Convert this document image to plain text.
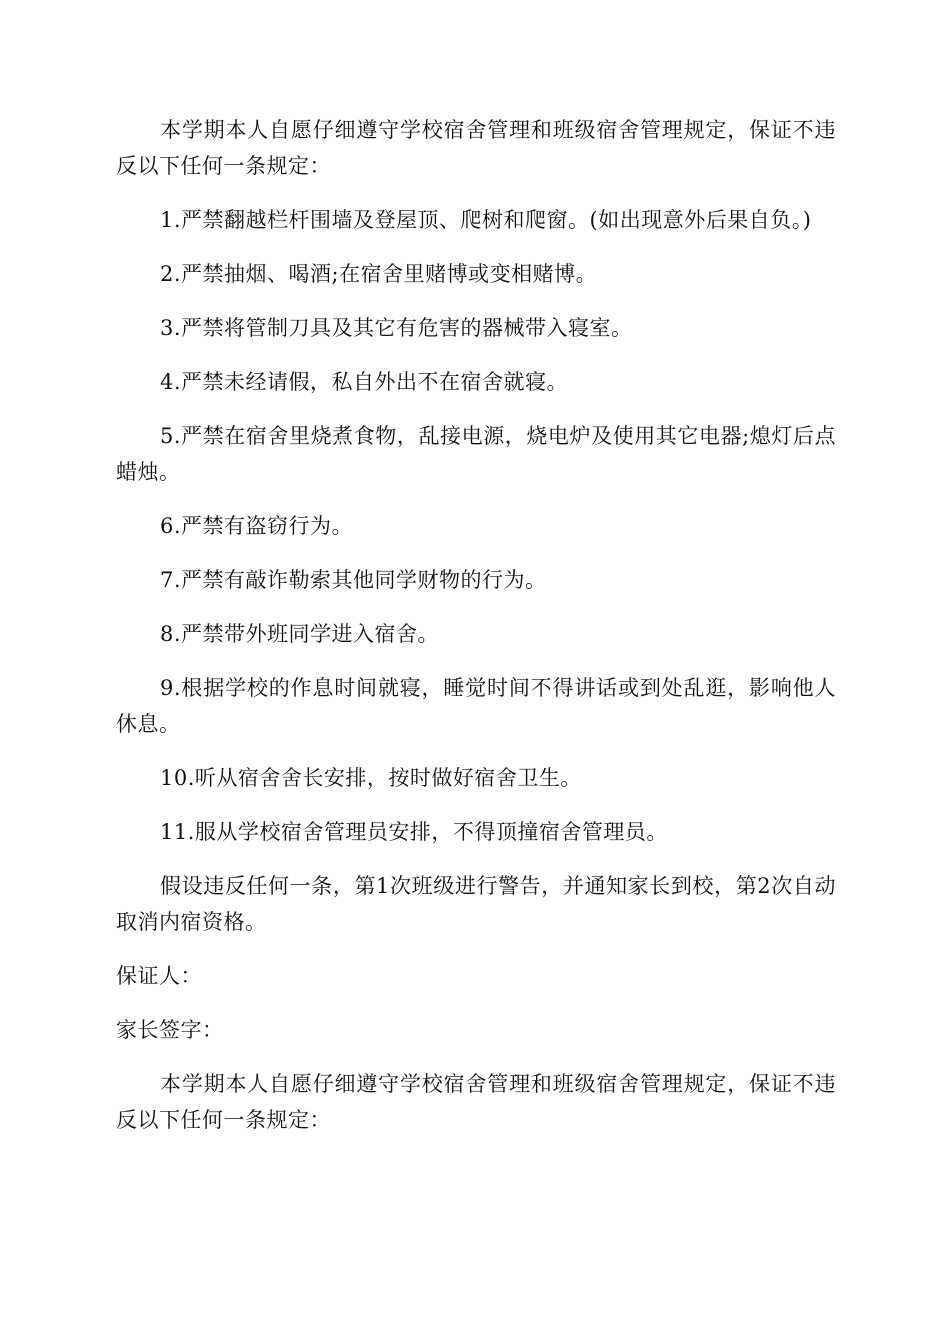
本学期本人自愿仔细遵守学校宿舍管理和班级宿舍管理规定，保证不违反以下任何一条规定：

1.严禁翻越栏杆围墙及登屋顶、爬树和爬窗。(如出现意外后果自负。)

2.严禁抽烟、喝酒;在宿舍里赌博或变相赌博。

3.严禁将管制刀具及其它有危害的器械带入寝室。

4.严禁未经请假，私自外出不在宿舍就寝。

5.严禁在宿舍里烧煮食物，乱接电源，烧电炉及使用其它电器;熄灯后点蜡烛。

6.严禁有盗窃行为。

7.严禁有敲诈勒索其他同学财物的行为。

8.严禁带外班同学进入宿舍。

9.根据学校的作息时间就寝，睡觉时间不得讲话或到处乱逛，影响他人休息。

10.听从宿舍舍长安排，按时做好宿舍卫生。

11.服从学校宿舍管理员安排，不得顶撞宿舍管理员。

假设违反任何一条，第1次班级进行警告，并通知家长到校，第2次自动取消内宿资格。

保证人：

家长签字：

本学期本人自愿仔细遵守学校宿舍管理和班级宿舍管理规定，保证不违反以下任何一条规定：
